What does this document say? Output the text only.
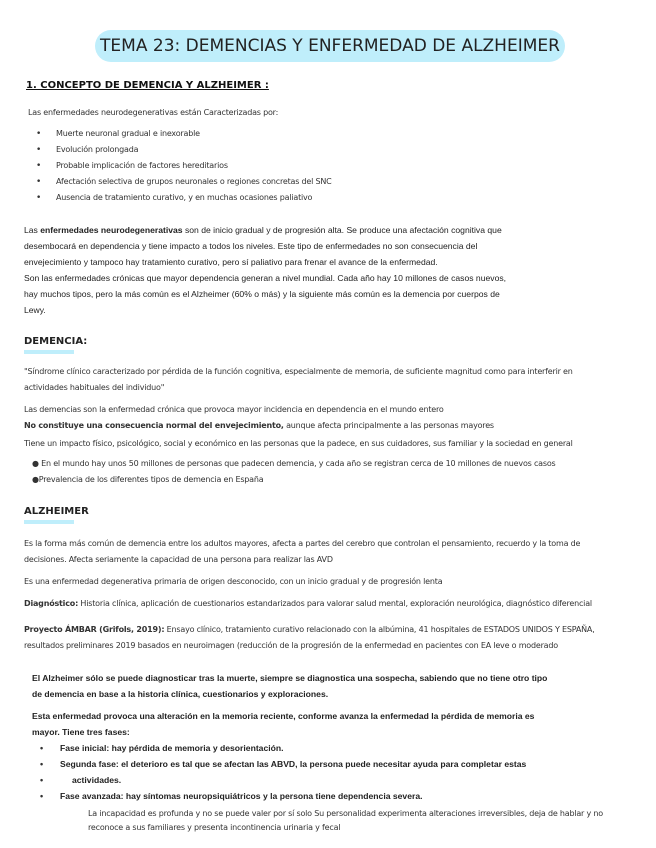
TEMA 23: DEMENCIAS Y ENFERMEDAD DE ALZHEIMER
1. CONCEPTO DE DEMENCIA Y ALZHEIMER :
Las enfermedades neurodegenerativas están Caracterizadas por:
• Muerte neuronal gradual e inexorable
• Evolución prolongada
• Probable implicación de factores hereditarios
• Afectación selectiva de grupos neuronales o regiones concretas del SNC
• Ausencia de tratamiento curativo, y en muchas ocasiones paliativo
Las enfermedades neurodegenerativas son de inicio gradual y de progresión alta. Se produce una afectación cognitiva que
desembocará en dependencia y tiene impacto a todos los niveles. Este tipo de enfermedades no son consecuencia del
envejecimiento y tampoco hay tratamiento curativo, pero sí paliativo para frenar el avance de la enfermedad.
Son las enfermedades crónicas que mayor dependencia generan a nivel mundial. Cada año hay 10 millones de casos nuevos,
hay muchos tipos, pero la más común es el Alzheimer (60% o más) y la siguiente más común es la demencia por cuerpos de
Lewy.
DEMENCIA:
"Síndrome clínico caracterizado por pérdida de la función cognitiva, especialmente de memoria, de suficiente magnitud como para interferir en
actividades habituales del individuo"
Las demencias son la enfermedad crónica que provoca mayor incidencia en dependencia en el mundo entero
No constituye una consecuencia normal del envejecimiento, aunque afecta principalmente a las personas mayores
Tiene un impacto físico, psicológico, social y económico en las personas que la padece, en sus cuidadores, sus familiar y la sociedad en general
● En el mundo hay unos 50 millones de personas que padecen demencia, y cada año se registran cerca de 10 millones de nuevos casos
●Prevalencia de los diferentes tipos de demencia en España
ALZHEIMER
Es la forma más común de demencia entre los adultos mayores, afecta a partes del cerebro que controlan el pensamiento, recuerdo y la toma de
decisiones. Afecta seriamente la capacidad de una persona para realizar las AVD
Es una enfermedad degenerativa primaria de origen desconocido, con un inicio gradual y de progresión lenta
Diagnóstico: Historia clínica, aplicación de cuestionarios estandarizados para valorar salud mental, exploración neurológica, diagnóstico diferencial
Proyecto ÁMBAR (Grifols, 2019): Ensayo clínico, tratamiento curativo relacionado con la albúmina, 41 hospitales de ESTADOS UNIDOS Y ESPAÑA,
resultados preliminares 2019 basados en neuroimagen (reducción de la progresión de la enfermedad en pacientes con EA leve o moderado
El Alzheimer sólo se puede diagnosticar tras la muerte, siempre se diagnostica una sospecha, sabiendo que no tiene otro tipo
de demencia en base a la historia clínica, cuestionarios y exploraciones.
Esta enfermedad provoca una alteración en la memoria reciente, conforme avanza la enfermedad la pérdida de memoria es
mayor. Tiene tres fases:
• Fase inicial: hay pérdida de memoria y desorientación.
• Segunda fase: el deterioro es tal que se afectan las ABVD, la persona puede necesitar ayuda para completar estas
• actividades.
• Fase avanzada: hay síntomas neuropsiquiátricos y la persona tiene dependencia severa.
La incapacidad es profunda y no se puede valer por sí solo Su personalidad experimenta alteraciones irreversibles, deja de hablar y no
reconoce a sus familiares y presenta incontinencia urinaria y fecal
